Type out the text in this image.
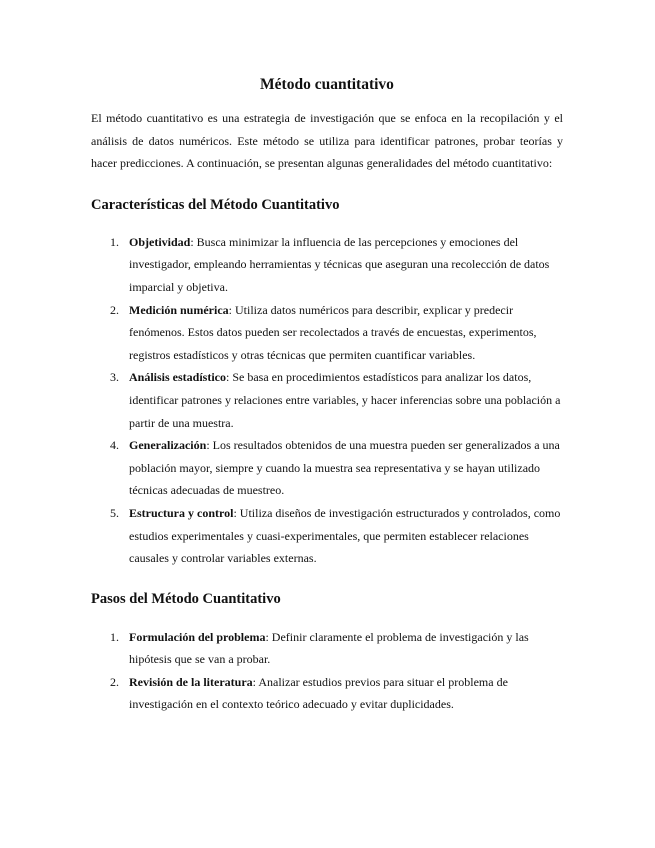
Método cuantitativo

El método cuantitativo es una estrategia de investigación que se enfoca en la recopilación y el análisis de datos numéricos. Este método se utiliza para identificar patrones, probar teorías y hacer predicciones. A continuación, se presentan algunas generalidades del método cuantitativo:

Características del Método Cuantitativo
1. Objetividad: Busca minimizar la influencia de las percepciones y emociones del investigador, empleando herramientas y técnicas que aseguran una recolección de datos imparcial y objetiva.
2. Medición numérica: Utiliza datos numéricos para describir, explicar y predecir fenómenos. Estos datos pueden ser recolectados a través de encuestas, experimentos, registros estadísticos y otras técnicas que permiten cuantificar variables.
3. Análisis estadístico: Se basa en procedimientos estadísticos para analizar los datos, identificar patrones y relaciones entre variables, y hacer inferencias sobre una población a partir de una muestra.
4. Generalización: Los resultados obtenidos de una muestra pueden ser generalizados a una población mayor, siempre y cuando la muestra sea representativa y se hayan utilizado técnicas adecuadas de muestreo.
5. Estructura y control: Utiliza diseños de investigación estructurados y controlados, como estudios experimentales y cuasi-experimentales, que permiten establecer relaciones causales y controlar variables externas.
Pasos del Método Cuantitativo
1. Formulación del problema: Definir claramente el problema de investigación y las hipótesis que se van a probar.
2. Revisión de la literatura: Analizar estudios previos para situar el problema de investigación en el contexto teórico adecuado y evitar duplicidades.
